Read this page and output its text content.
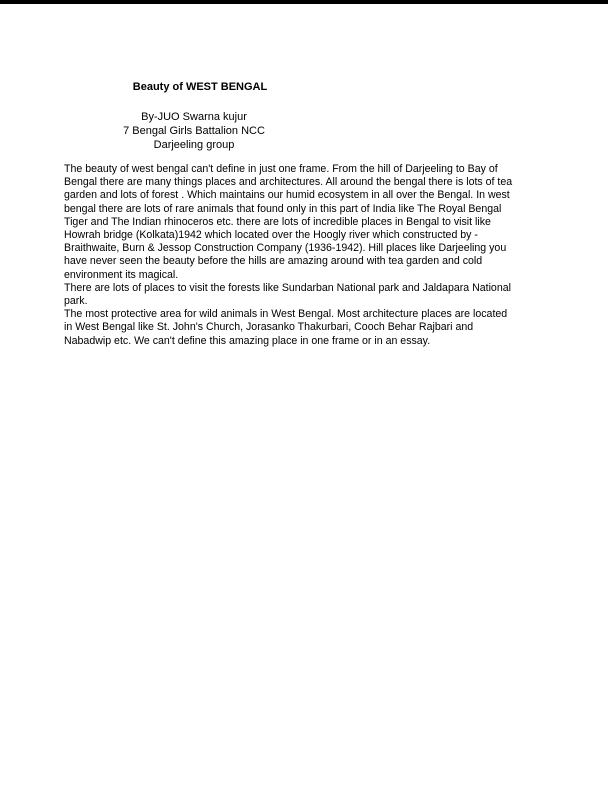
Beauty of WEST BENGAL
By-JUO Swarna kujur
7 Bengal Girls Battalion NCC
Darjeeling group
The beauty of west bengal can't define in just one frame. From the hill of Darjeeling to Bay of
Bengal there are many things places and architectures. All around the bengal there is lots of tea
garden and lots of forest . Which maintains our humid ecosystem in all over the Bengal. In west
bengal there are lots of rare animals that found only in this part of India like The Royal Bengal
Tiger and The Indian rhinoceros etc. there are lots of incredible places in Bengal to visit like
Howrah bridge (Kolkata)1942 which located over the Hoogly river which constructed by -
Braithwaite, Burn & Jessop Construction Company (1936-1942). Hill places like Darjeeling you
have never seen the beauty before the hills are amazing around with tea garden and cold
environment its magical.
There are lots of places to visit the forests like Sundarban National park and Jaldapara National
park.
The most protective area for wild animals in West Bengal. Most architecture places are located
in West Bengal like St. John's Church, Jorasanko Thakurbari, Cooch Behar Rajbari and
Nabadwip etc. We can't define this amazing place in one frame or in an essay.
